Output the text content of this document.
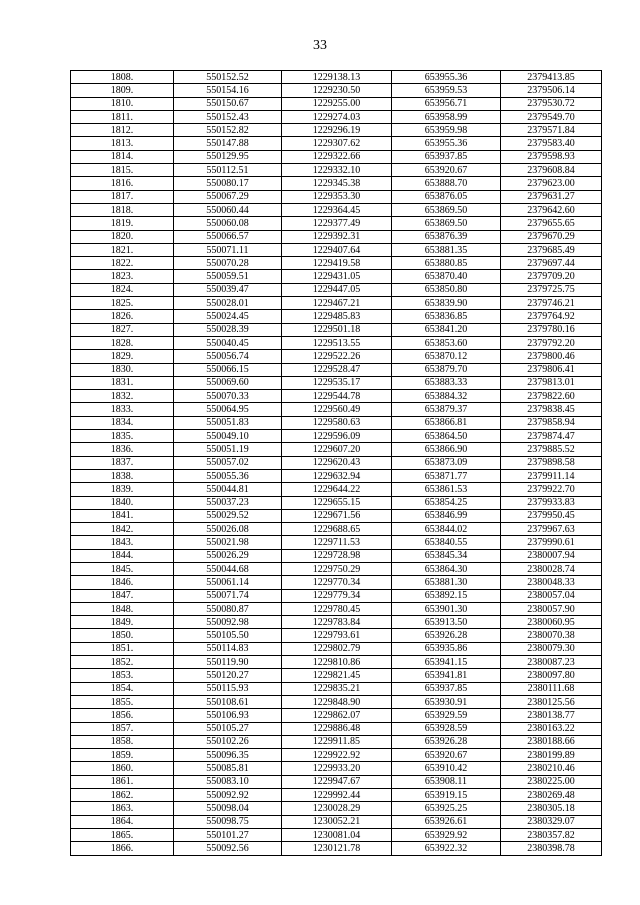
33
1808.	550152.52	1229138.13	653955.36	2379413.85
1809.	550154.16	1229230.50	653959.53	2379506.14
1810.	550150.67	1229255.00	653956.71	2379530.72
1811.	550152.43	1229274.03	653958.99	2379549.70
1812.	550152.82	1229296.19	653959.98	2379571.84
1813.	550147.88	1229307.62	653955.36	2379583.40
1814.	550129.95	1229322.66	653937.85	2379598.93
1815.	550112.51	1229332.10	653920.67	2379608.84
1816.	550080.17	1229345.38	653888.70	2379623.00
1817.	550067.29	1229353.30	653876.05	2379631.27
1818.	550060.44	1229364.45	653869.50	2379642.60
1819.	550060.08	1229377.49	653869.50	2379655.65
1820.	550066.57	1229392.31	653876.39	2379670.29
1821.	550071.11	1229407.64	653881.35	2379685.49
1822.	550070.28	1229419.58	653880.85	2379697.44
1823.	550059.51	1229431.05	653870.40	2379709.20
1824.	550039.47	1229447.05	653850.80	2379725.75
1825.	550028.01	1229467.21	653839.90	2379746.21
1826.	550024.45	1229485.83	653836.85	2379764.92
1827.	550028.39	1229501.18	653841.20	2379780.16
1828.	550040.45	1229513.55	653853.60	2379792.20
1829.	550056.74	1229522.26	653870.12	2379800.46
1830.	550066.15	1229528.47	653879.70	2379806.41
1831.	550069.60	1229535.17	653883.33	2379813.01
1832.	550070.33	1229544.78	653884.32	2379822.60
1833.	550064.95	1229560.49	653879.37	2379838.45
1834.	550051.83	1229580.63	653866.81	2379858.94
1835.	550049.10	1229596.09	653864.50	2379874.47
1836.	550051.19	1229607.20	653866.90	2379885.52
1837.	550057.02	1229620.43	653873.09	2379898.58
1838.	550055.36	1229632.94	653871.77	2379911.14
1839.	550044.81	1229644.22	653861.53	2379922.70
1840.	550037.23	1229655.15	653854.25	2379933.83
1841.	550029.52	1229671.56	653846.99	2379950.45
1842.	550026.08	1229688.65	653844.02	2379967.63
1843.	550021.98	1229711.53	653840.55	2379990.61
1844.	550026.29	1229728.98	653845.34	2380007.94
1845.	550044.68	1229750.29	653864.30	2380028.74
1846.	550061.14	1229770.34	653881.30	2380048.33
1847.	550071.74	1229779.34	653892.15	2380057.04
1848.	550080.87	1229780.45	653901.30	2380057.90
1849.	550092.98	1229783.84	653913.50	2380060.95
1850.	550105.50	1229793.61	653926.28	2380070.38
1851.	550114.83	1229802.79	653935.86	2380079.30
1852.	550119.90	1229810.86	653941.15	2380087.23
1853.	550120.27	1229821.45	653941.81	2380097.80
1854.	550115.93	1229835.21	653937.85	2380111.68
1855.	550108.61	1229848.90	653930.91	2380125.56
1856.	550106.93	1229862.07	653929.59	2380138.77
1857.	550105.27	1229886.48	653928.59	2380163.22
1858.	550102.26	1229911.85	653926.28	2380188.66
1859.	550096.35	1229922.92	653920.67	2380199.89
1860.	550085.81	1229933.20	653910.42	2380210.46
1861.	550083.10	1229947.67	653908.11	2380225.00
1862.	550092.92	1229992.44	653919.15	2380269.48
1863.	550098.04	1230028.29	653925.25	2380305.18
1864.	550098.75	1230052.21	653926.61	2380329.07
1865.	550101.27	1230081.04	653929.92	2380357.82
1866.	550092.56	1230121.78	653922.32	2380398.78
